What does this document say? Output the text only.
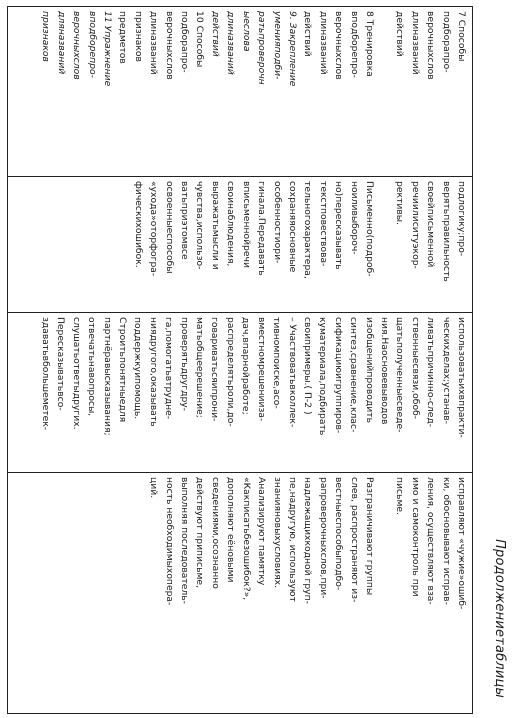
Продолжениетаблицы
7 Способы
подборапро-
верочныхслов
длиназваний
действий
8 Тренировка
вподборепро-
верочныхслов
длиназваний
действий
9. Закрепление
уменияподби-
ратьпроверочн
ыеслова
длиназваний
действий
10 Способы
подборапро-
верочныхслов
длиназваний
признаков
предметов
11 Упражнение
вподборепро-
верочныхслов
дляназваний
признаков
подлогику;про-
верятьправильность
своейписьменной
речиилиситуэкор-
рективы.
Письменно(подроб-
ноиливыбороч-
но)пересказывать
текстповествова-
тельногохарактера,
сохраняяосновные
особенностиори-
гинала.Передавать
вписьменнойречи
своинаблюдения,
выражатьмысли и
чувства,использо-
ватьприэтомвсе
освоенныеспособы
«ухода»оторфогра-
фическихошибок.
использоватьихвпракти-
ческихделах;устанав-
ливатьпричинно-след-
ственныесвязи,обоб-
щатьполученныесведе-
ния.Наосновевыводов
изобщенийпроводить
синтез,сравнение,клас-
сификациюигруппиров-
куматериала,подбирать
своипримеры.( П-2 )
– Участвоватьвколлек-
тивномпоиске,асо-
вместномрешенииза-
дач,впарнойработе;
распределятьроли,до-
говариватьсяипрони-
матьобщеерешение;
проверятьдругдру-
га,помогатьвтрудне-
ниядругого,оказывать
поддержкуипомощь.
Строитьпонятныедля
партнёравысказывания;
отвечатьнавопросы,
слушатьответыдругих.
Пересказыватьвсо-
здаватьвбольшеметек-
исправляют «чужие»ошиб-
ки, обосновывают исправ-
ления, осуществляют вза-
имо и самоконтроль при
письме.
Разграничивают группы
слев, распространяют из-
вестныеспособыподбо-
рапроверочныхслов,при-
надлежащихкодной груп-
пе,надругую, используют
знанияновыхусловиях.
Анализируют памятку
«Какписатьбезошибок?»,
дополняют еёновыми
сведениями,осознанно
действуют приписьме,
выполняя последователь-
ность необходимыхопера-
ций.
